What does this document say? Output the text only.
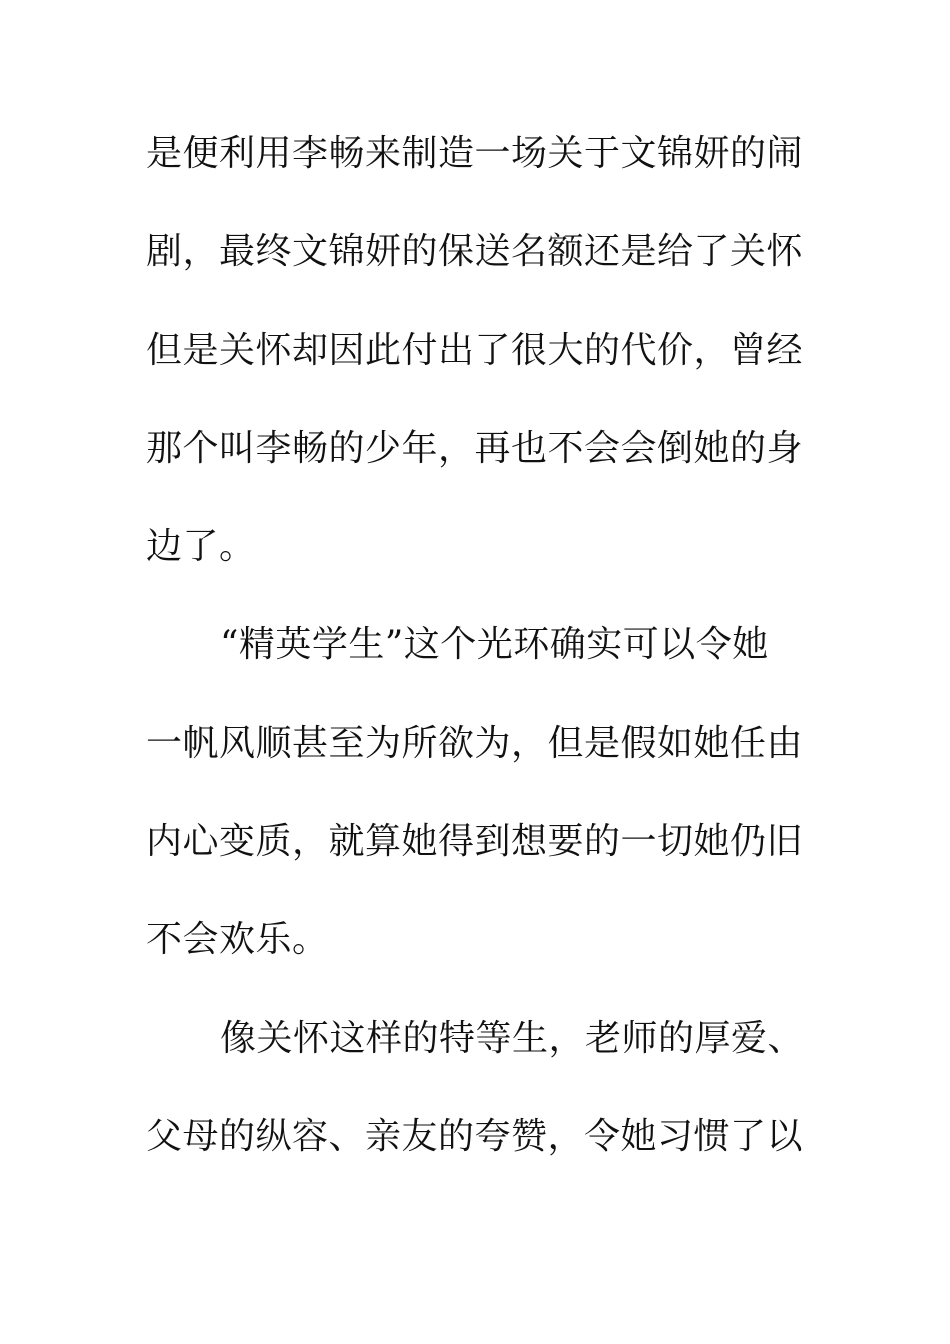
是便利用李畅来制造一场关于文锦妍的闹
剧，最终文锦妍的保送名额还是给了关怀
但是关怀却因此付出了很大的代价，曾经
那个叫李畅的少年，再也不会会倒她的身
边了。
“精英学生”这个光环确实可以令她
一帆风顺甚至为所欲为，但是假如她任由
内心变质，就算她得到想要的一切她仍旧
不会欢乐。
像关怀这样的特等生，老师的厚爱、
父母的纵容、亲友的夸赞，令她习惯了以
